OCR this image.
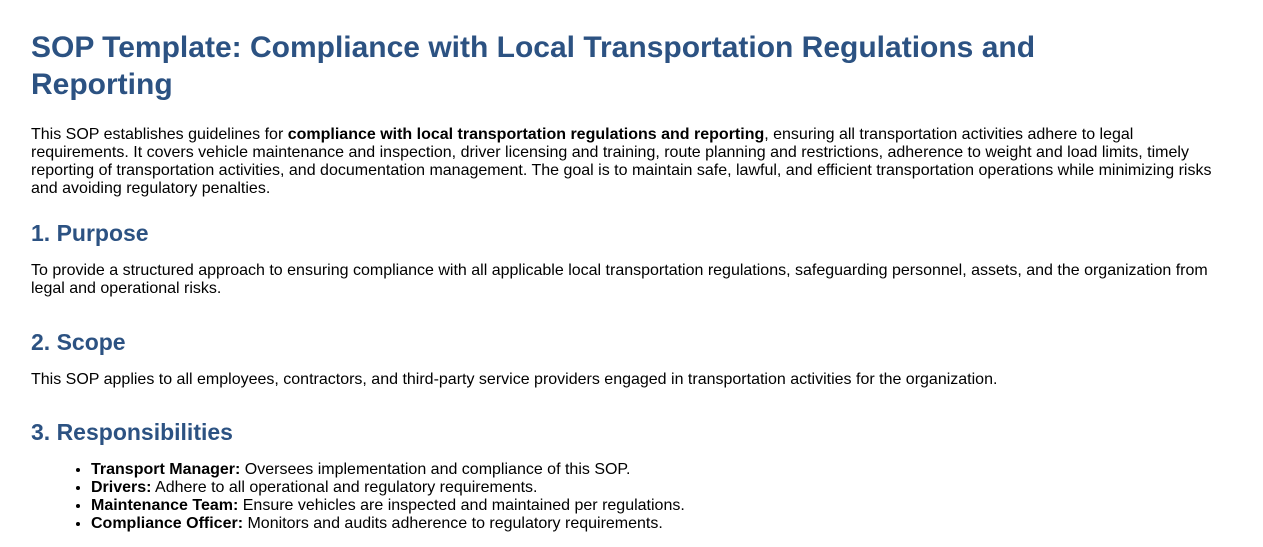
SOP Template: Compliance with Local Transportation Regulations and Reporting

This SOP establishes guidelines for compliance with local transportation regulations and reporting, ensuring all transportation activities adhere to legal requirements. It covers vehicle maintenance and inspection, driver licensing and training, route planning and restrictions, adherence to weight and load limits, timely reporting of transportation activities, and documentation management. The goal is to maintain safe, lawful, and efficient transportation operations while minimizing risks and avoiding regulatory penalties.

1. Purpose

To provide a structured approach to ensuring compliance with all applicable local transportation regulations, safeguarding personnel, assets, and the organization from legal and operational risks.

2. Scope

This SOP applies to all employees, contractors, and third-party service providers engaged in transportation activities for the organization.

3. Responsibilities
• Transport Manager: Oversees implementation and compliance of this SOP.
• Drivers: Adhere to all operational and regulatory requirements.
• Maintenance Team: Ensure vehicles are inspected and maintained per regulations.
• Compliance Officer: Monitors and audits adherence to regulatory requirements.
